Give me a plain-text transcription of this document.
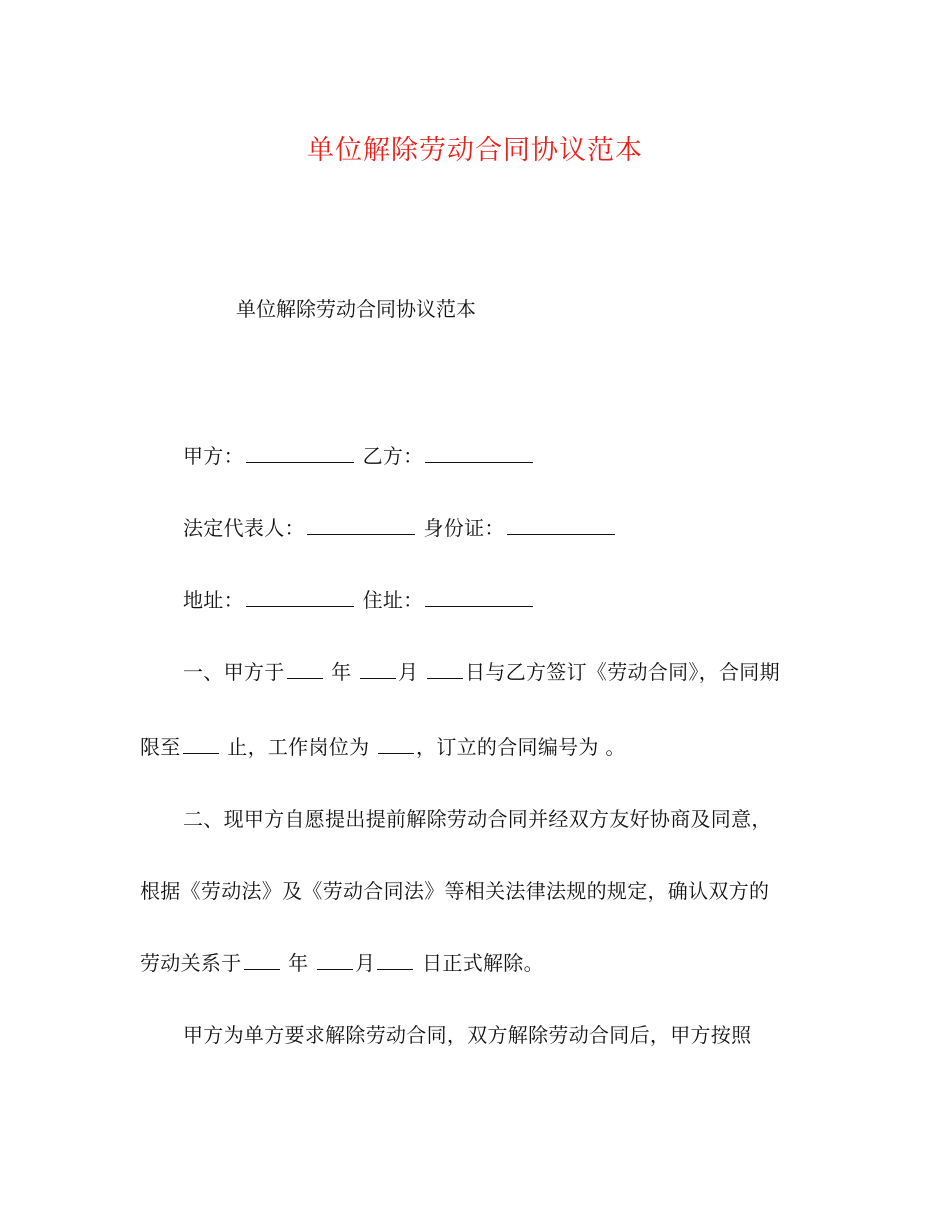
单位解除劳动合同协议范本
单位解除劳动合同协议范本
甲方：	乙方：
法定代表人：	身份证：
地址：	住址：
一、甲方于 年 月 日与乙方签订《劳动合同》，合同期
限至 止，工作岗位为 ，订立的合同编号为 。
二、现甲方自愿提出提前解除劳动合同并经双方友好协商及同意，
根据《劳动法》及《劳动合同法》等相关法律法规的规定，确认双方的
劳动关系于 年 月 日正式解除。
甲方为单方要求解除劳动合同，双方解除劳动合同后，甲方按照
